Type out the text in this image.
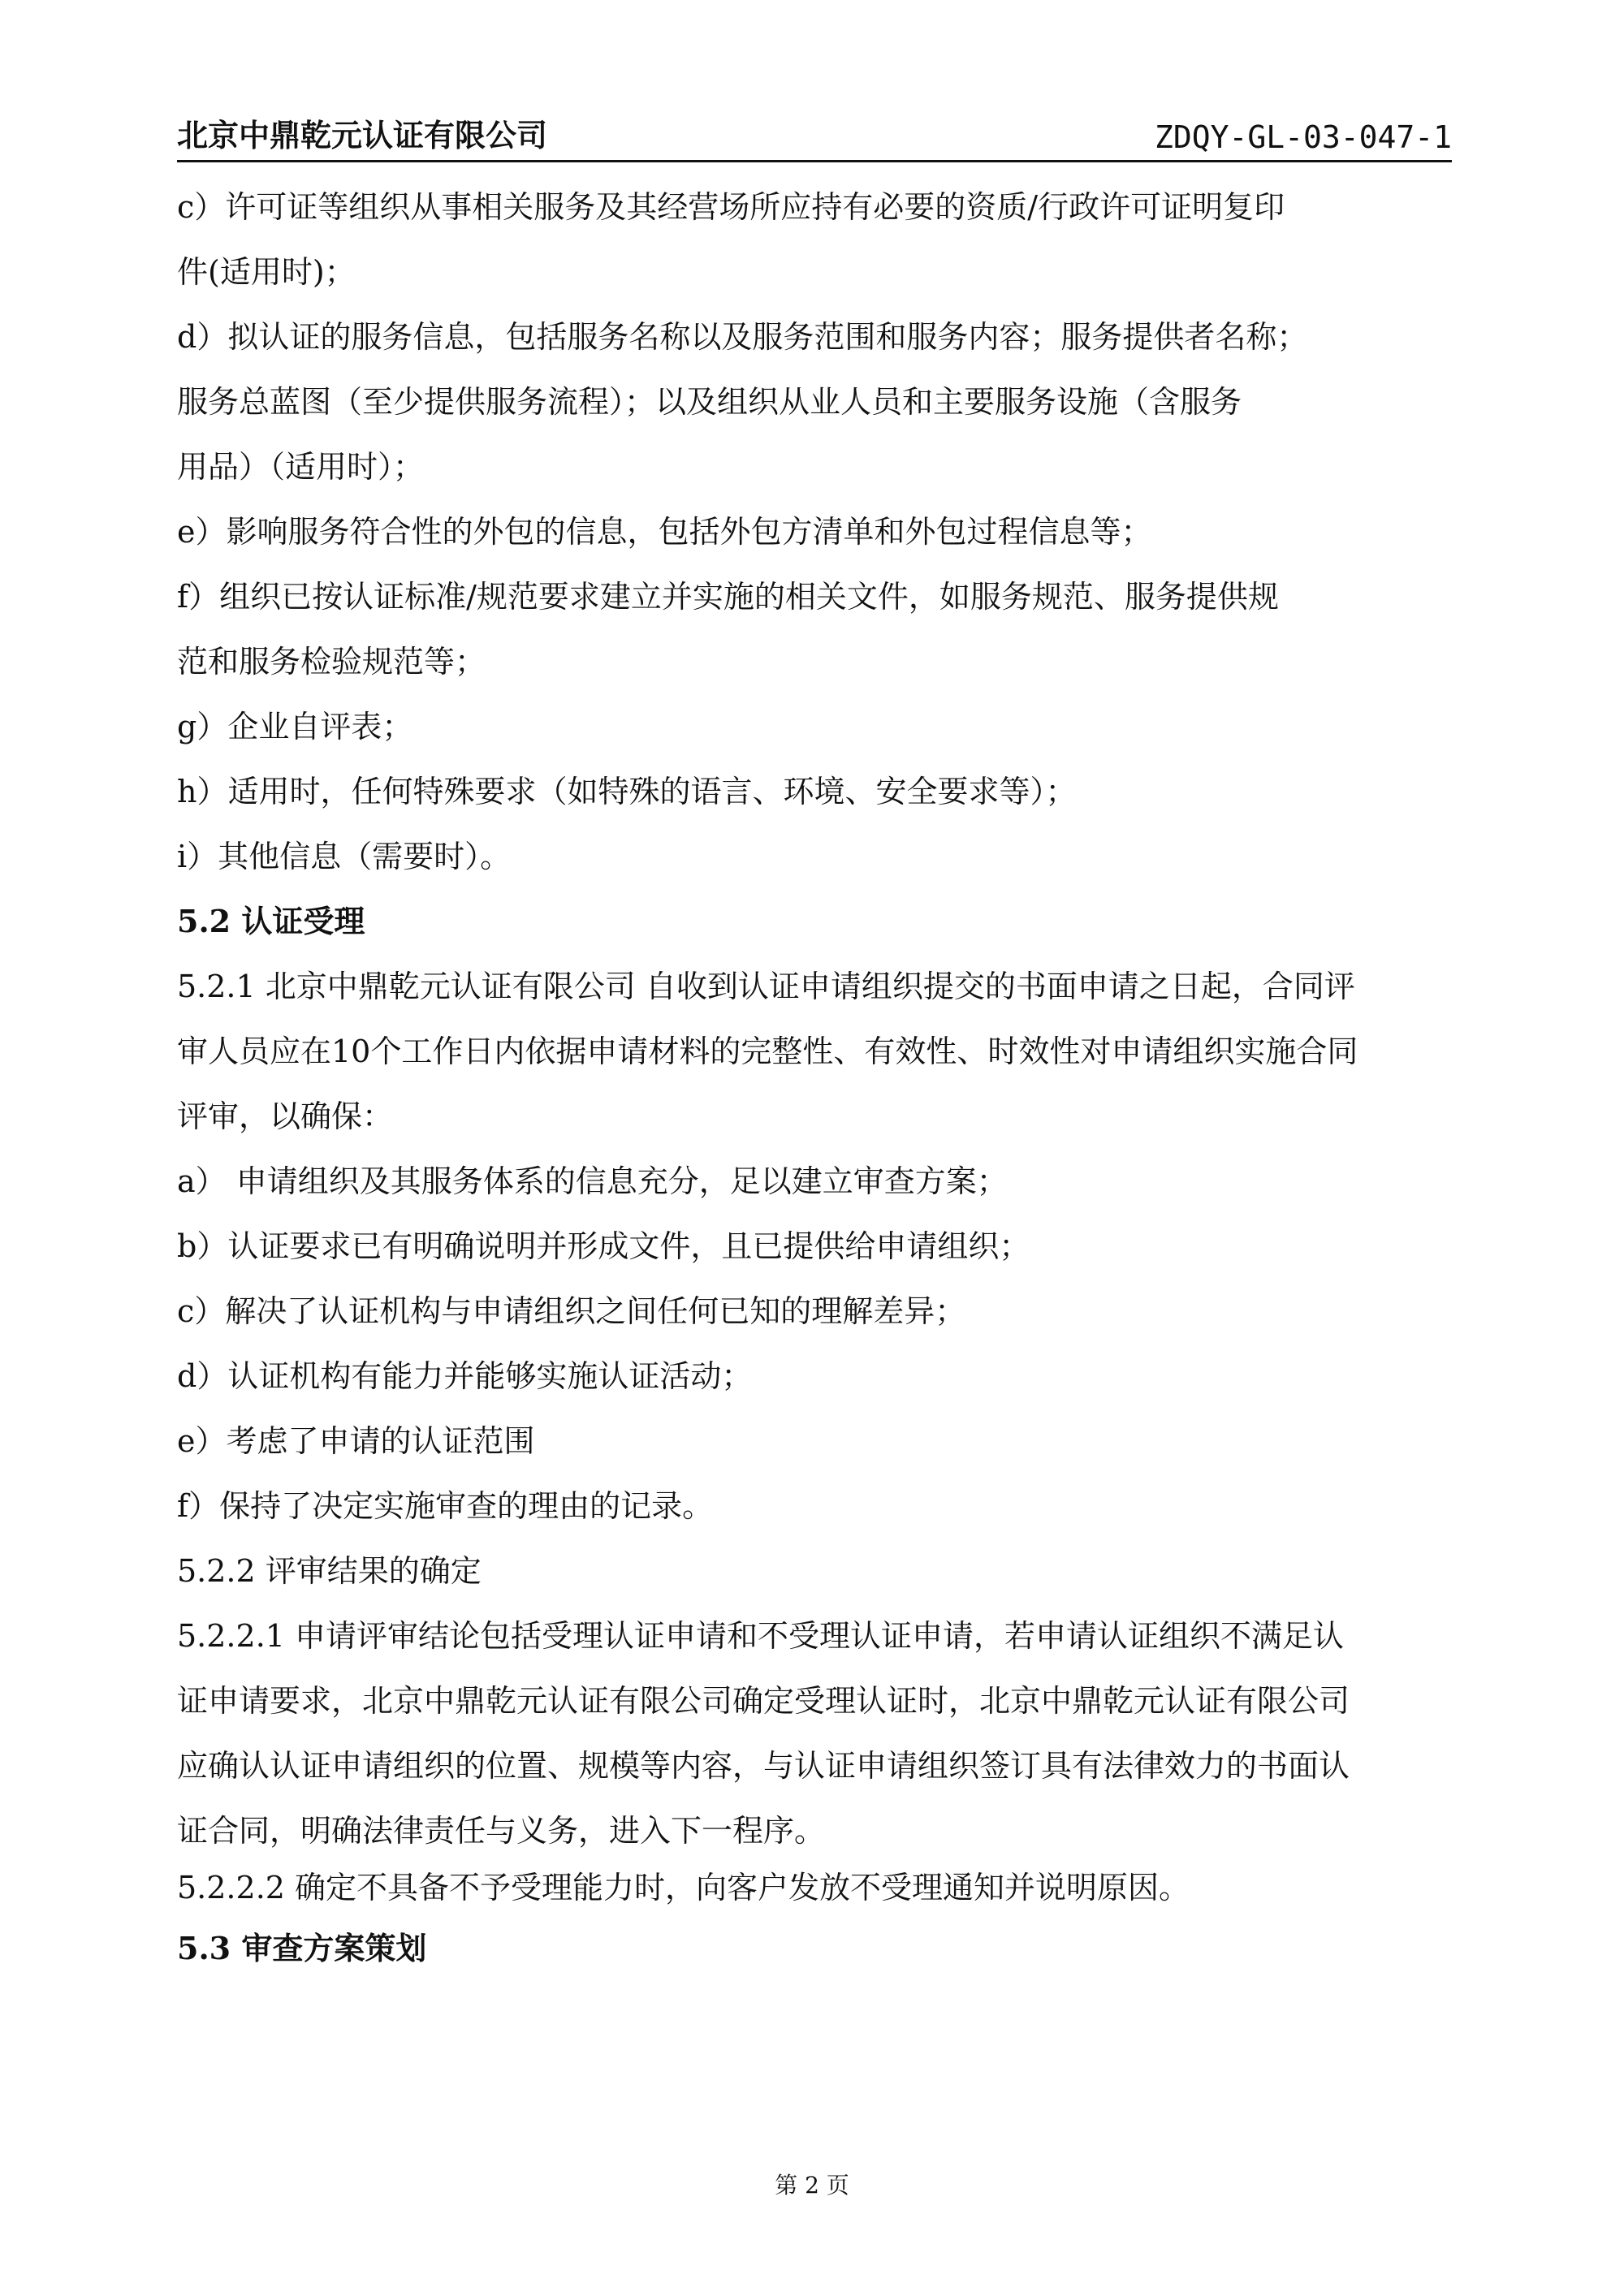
北京中鼎乾元认证有限公司	ZDQY-GL-03-047-1
c）许可证等组织从事相关服务及其经营场所应持有必要的资质/行政许可证明复印
件(适用时)；
d）拟认证的服务信息，包括服务名称以及服务范围和服务内容；服务提供者名称；
服务总蓝图（至少提供服务流程）；以及组织从业人员和主要服务设施（含服务
用品）（适用时）；
e）影响服务符合性的外包的信息，包括外包方清单和外包过程信息等；
f）组织已按认证标准/规范要求建立并实施的相关文件，如服务规范、服务提供规
范和服务检验规范等；
g）企业自评表；
h）适用时，任何特殊要求（如特殊的语言、环境、安全要求等）；
i）其他信息（需要时）。
5.2 认证受理
5.2.1 北京中鼎乾元认证有限公司 自收到认证申请组织提交的书面申请之日起，合同评
审人员应在10个工作日内依据申请材料的完整性、有效性、时效性对申请组织实施合同
评审，以确保：
a） 申请组织及其服务体系的信息充分，足以建立审查方案；
b）认证要求已有明确说明并形成文件，且已提供给申请组织；
c）解决了认证机构与申请组织之间任何已知的理解差异；
d）认证机构有能力并能够实施认证活动；
e）考虑了申请的认证范围
f）保持了决定实施审查的理由的记录。
5.2.2 评审结果的确定
5.2.2.1 申请评审结论包括受理认证申请和不受理认证申请，若申请认证组织不满足认
证申请要求，北京中鼎乾元认证有限公司确定受理认证时，北京中鼎乾元认证有限公司
应确认认证申请组织的位置、规模等内容，与认证申请组织签订具有法律效力的书面认
证合同，明确法律责任与义务，进入下一程序。
5.2.2.2 确定不具备不予受理能力时，向客户发放不受理通知并说明原因。
5.3 审查方案策划
第 2 页
